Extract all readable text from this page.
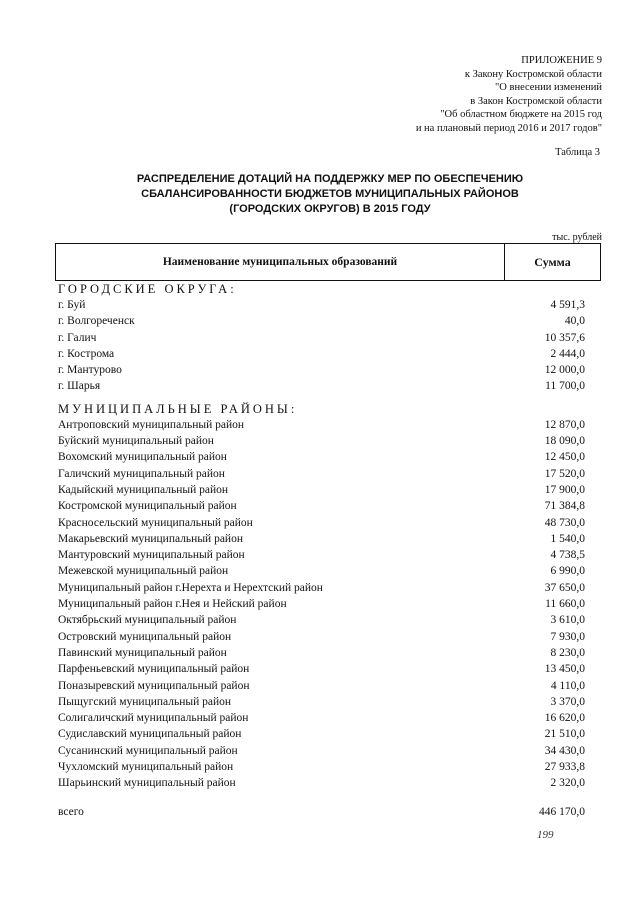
ПРИЛОЖЕНИЕ 9
к Закону Костромской области
"О внесении изменений
в Закон Костромской области
"Об областном бюджете на 2015 год
и на плановый период 2016 и 2017 годов"
Таблица 3
РАСПРЕДЕЛЕНИЕ ДОТАЦИЙ НА ПОДДЕРЖКУ МЕР ПО ОБЕСПЕЧЕНИЮ
СБАЛАНСИРОВАННОСТИ БЮДЖЕТОВ МУНИЦИПАЛЬНЫХ РАЙОНОВ
(ГОРОДСКИХ ОКРУГОВ) В 2015 ГОДУ
тыс. рублей
Наименование муниципальных образований	Сумма
ГОРОДСКИЕ ОКРУГА:
г. Буй	4 591,3
г. Волгореченск	40,0
г. Галич	10 357,6
г. Кострома	2 444,0
г. Мантурово	12 000,0
г. Шарья	11 700,0
МУНИЦИПАЛЬНЫЕ РАЙОНЫ:
Антроповский муниципальный район	12 870,0
Буйский муниципальный район	18 090,0
Вохомский муниципальный район	12 450,0
Галичский муниципальный район	17 520,0
Кадыйский муниципальный район	17 900,0
Костромской муниципальный район	71 384,8
Красносельский муниципальный район	48 730,0
Макарьевский муниципальный район	1 540,0
Мантуровский муниципальный район	4 738,5
Межевской муниципальный район	6 990,0
Муниципальный район г.Нерехта и Нерехтский район	37 650,0
Муниципальный район г.Нея и Нейский район	11 660,0
Октябрьский муниципальный район	3 610,0
Островский муниципальный район	7 930,0
Павинский муниципальный район	8 230,0
Парфеньевский муниципальный район	13 450,0
Поназыревский муниципальный район	4 110,0
Пыщугский муниципальный район	3 370,0
Солигаличский муниципальный район	16 620,0
Судиславский муниципальный район	21 510,0
Сусанинский муниципальный район	34 430,0
Чухломский муниципальный район	27 933,8
Шарьинский муниципальный район	2 320,0
всего	446 170,0
199
